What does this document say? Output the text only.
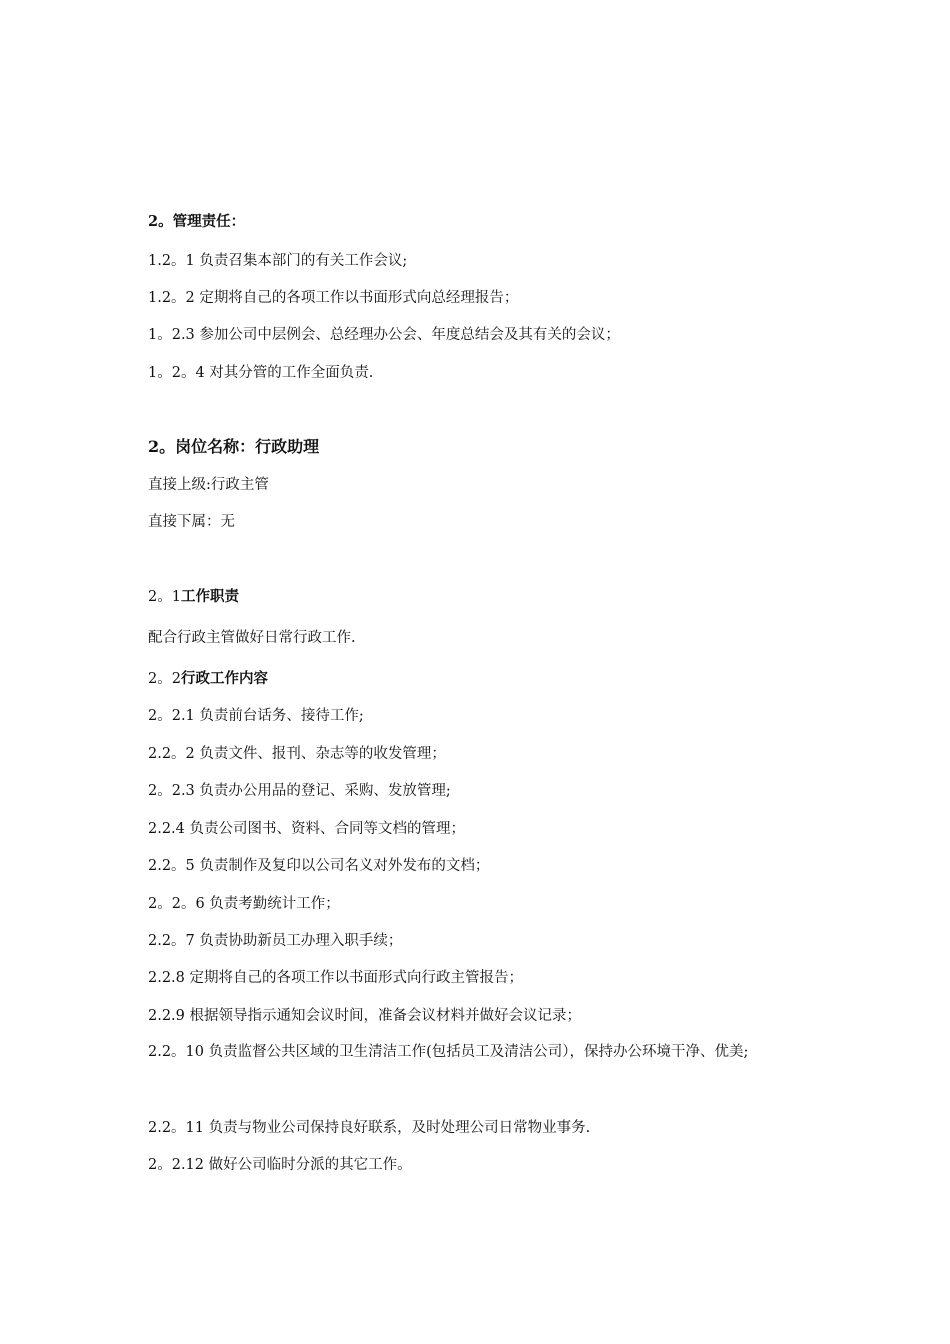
2。管理责任：
1.2。1 负责召集本部门的有关工作会议;
1.2。2 定期将自己的各项工作以书面形式向总经理报告；
1。2.3 参加公司中层例会、总经理办公会、年度总结会及其有关的会议；
1。2。4 对其分管的工作全面负责.
2。岗位名称：行政助理
直接上级:行政主管
直接下属：无
2。1工作职责
配合行政主管做好日常行政工作.
2。2行政工作内容
2。2.1 负责前台话务、接待工作;
2.2。2 负责文件、报刊、杂志等的收发管理；
2。2.3 负责办公用品的登记、采购、发放管理;
2.2.4 负责公司图书、资料、合同等文档的管理；
2.2。5 负责制作及复印以公司名义对外发布的文档；
2。2。6 负责考勤统计工作；
2.2。7 负责协助新员工办理入职手续；
2.2.8 定期将自己的各项工作以书面形式向行政主管报告；
2.2.9 根据领导指示通知会议时间，准备会议材料并做好会议记录；
2.2。10 负责监督公共区域的卫生清洁工作(包括员工及清洁公司），保持办公环境干净、优美;
2.2。11 负责与物业公司保持良好联系，及时处理公司日常物业事务.
2。2.12 做好公司临时分派的其它工作。
